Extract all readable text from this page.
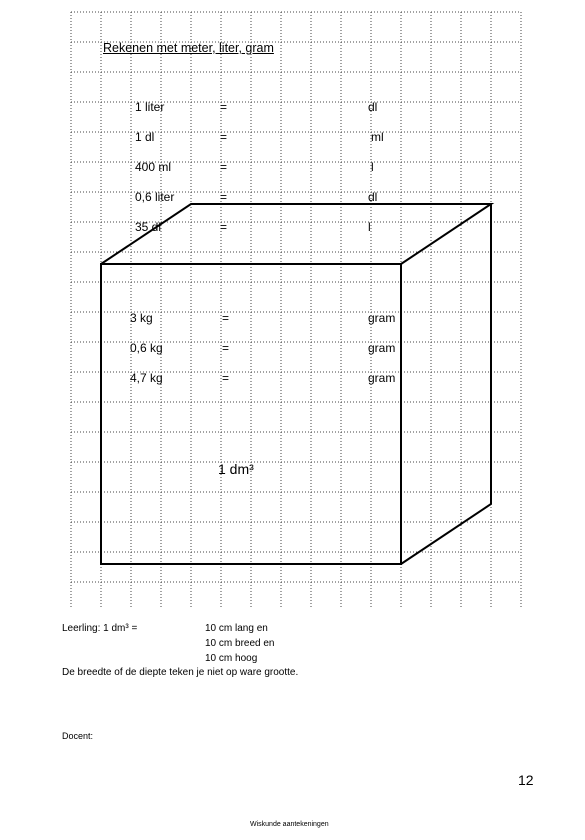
Rekenen met meter, liter, gram
1 liter	=	dl
1 dl	=	ml
400 ml	=	l
0,6 liter	=	dl
35 dl	=	l
3 kg	=	gram
0,6 kg	=	gram
4,7 kg	=	gram
1 dm³
Leerling: 1 dm³ =	10 cm lang en
10 cm breed en
10 cm hoog
De breedte of de diepte teken je niet op ware grootte.
Docent:
12
Wiskunde aantekeningen
